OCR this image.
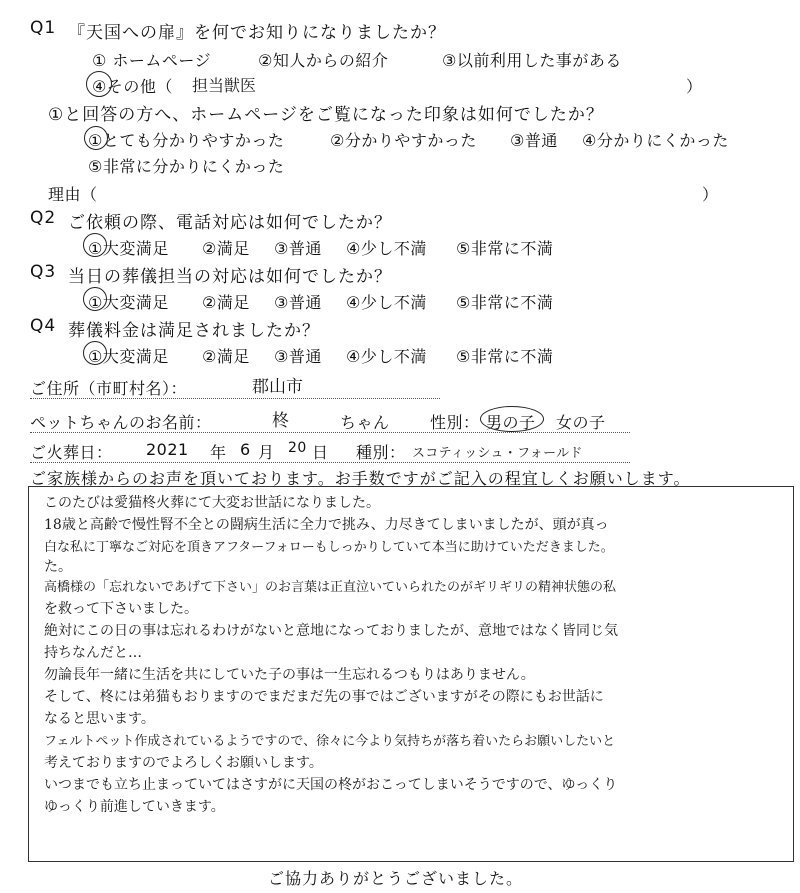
Q1 『天国への扉』を何でお知りになりましたか？
① ホームページ	②知人からの紹介	③以前利用した事がある
④その他（ 担当獣医	）
①と回答の方へ、ホームページをご覧になった印象は如何でしたか？
①とても分かりやすかった	②分かりやすかった ③普通 ④分かりにくかった
⑤非常に分かりにくかった
理由（	）
Q2 ご依頼の際、電話対応は如何でしたか？
①大変満足 ②満足 ③普通 ④少し不満 ⑤非常に不満
Q3 当日の葬儀担当の対応は如何でしたか？
①大変満足 ②満足 ③普通 ④少し不満 ⑤非常に不満
Q4 葬儀料金は満足されましたか？
①大変満足 ②満足 ③普通 ④少し不満 ⑤非常に不満
ご住所（市町村名）：	郡山市
ペットちゃんのお名前：	柊	ちゃん	性別： 男の子 女の子
ご火葬日： 2021 年 6 月 20 日 種別： スコティッシュ・フォールド
ご家族様からのお声を頂いております。お手数ですがご記入の程宜しくお願いします。
このたびは愛猫柊火葬にて大変お世話になりました。
18歳と高齢で慢性腎不全との闘病生活に全力で挑み、力尽きてしまいましたが、頭が真っ
白な私に丁寧なご対応を頂きアフターフォローもしっかりしていて本当に助けていただきました。
た。
高橋様の「忘れないであげて下さい」のお言葉は正直泣いていられたのがギリギリの精神状態の私
を救って下さいました。
絶対にこの日の事は忘れるわけがないと意地になっておりましたが、意地ではなく皆同じ気
持ちなんだと…
勿論長年一緒に生活を共にしていた子の事は一生忘れるつもりはありません。
そして、柊には弟猫もおりますのでまだまだ先の事ではございますがその際にもお世話に
なると思います。
フェルトペット作成されているようですので、徐々に今より気持ちが落ち着いたらお願いしたいと
考えておりますのでよろしくお願いします。
いつまでも立ち止まっていてはさすがに天国の柊がおこってしまいそうですので、ゆっくり
ゆっくり前進していきます。
ご協力ありがとうございました。
